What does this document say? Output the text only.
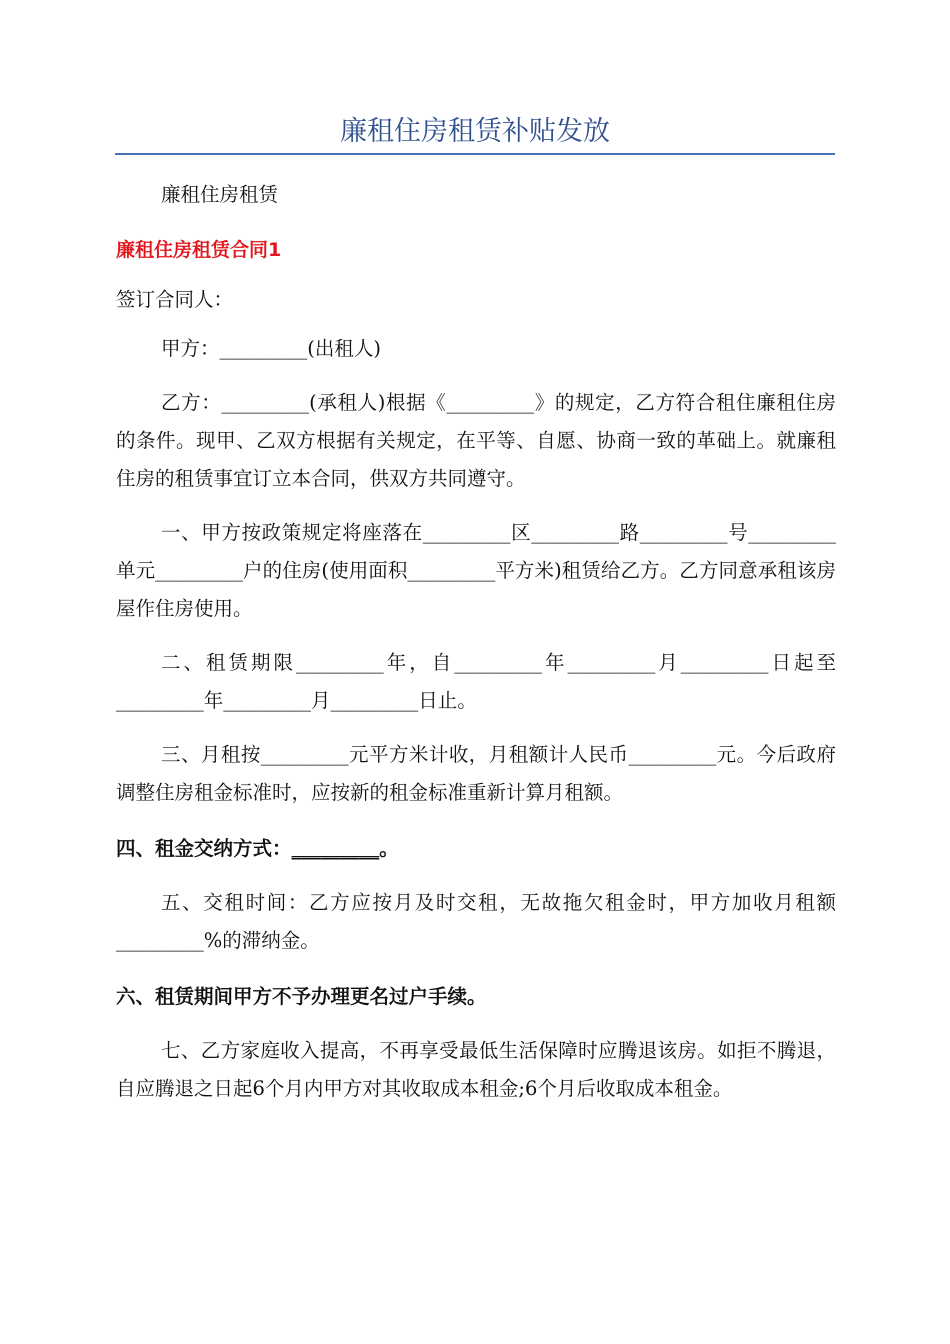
廉租住房租赁补贴发放

廉租住房租赁

廉租住房租赁合同1

签订合同人：

甲方：_________(出租人)

乙方：_________(承租人)根据《_________》的规定，乙方符合租住廉租住房的条件。现甲、乙双方根据有关规定，在平等、自愿、协商一致的革础上。就廉租住房的租赁事宜订立本合同，供双方共同遵守。

一、甲方按政策规定将座落在_________区_________路_________号_________单元_________户的住房(使用面积_________平方米)租赁给乙方。乙方同意承租该房屋作住房使用。

二、租赁期限_________年，自_________年_________月_________日起至_________年_________月_________日止。

三、月租按_________元平方米计收，月租额计人民币_________元。今后政府调整住房租金标准时，应按新的租金标准重新计算月租额。

四、租金交纳方式：_________。

五、交租时间：乙方应按月及时交租，无故拖欠租金时，甲方加收月租额_________%的滞纳金。

六、租赁期间甲方不予办理更名过户手续。

七、乙方家庭收入提高，不再享受最低生活保障时应腾退该房。如拒不腾退，自应腾退之日起6个月内甲方对其收取成本租金;6个月后收取成本租金。
